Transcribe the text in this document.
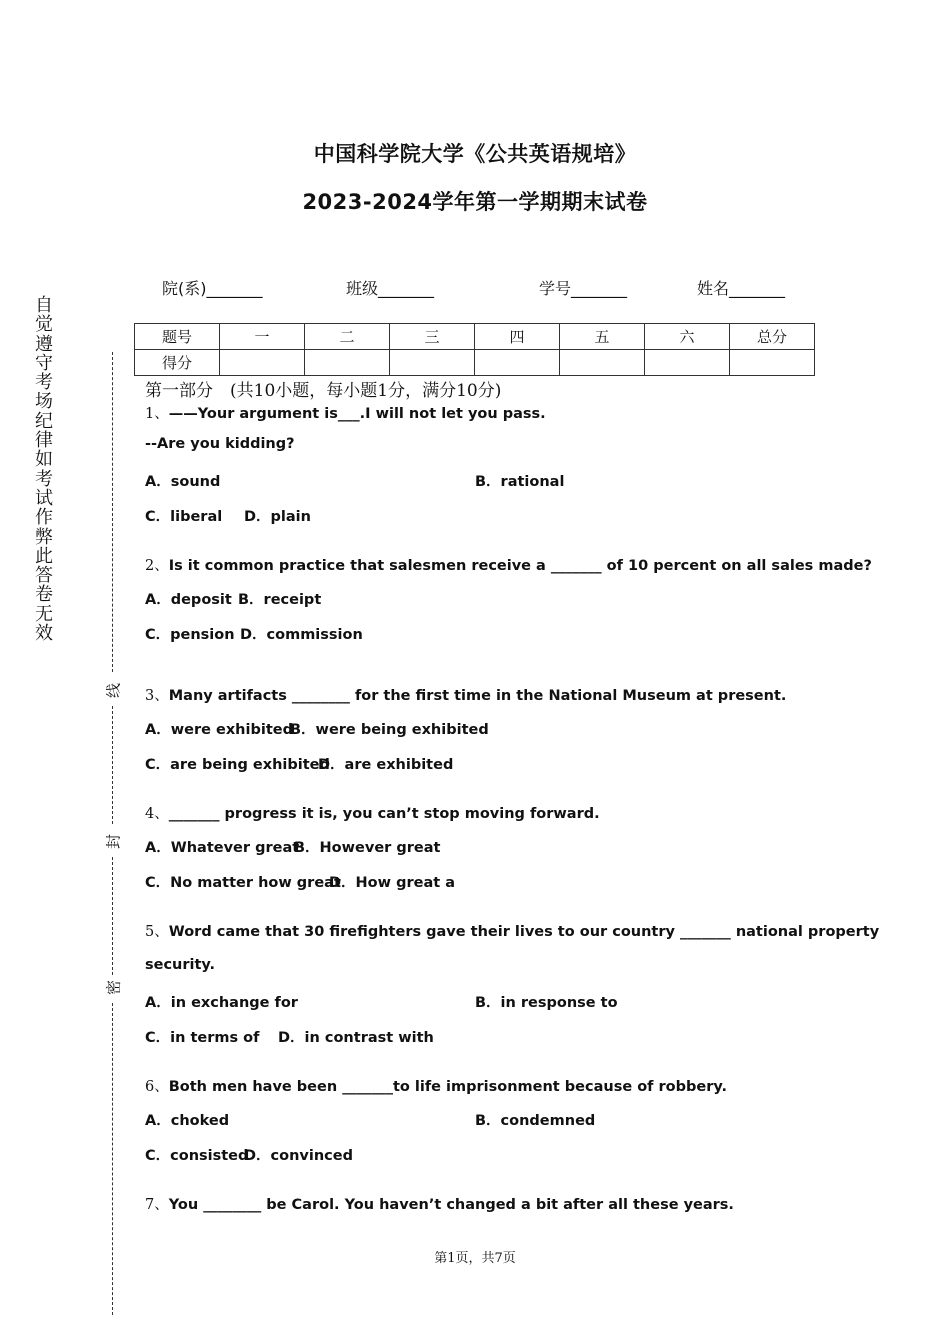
中国科学院大学《公共英语规培》
2023-2024学年第一学期期末试卷
院(系)_______	班级_______	学号_______	姓名_______
自觉遵守考场纪律如考试作弊此答卷无效
线
封
密
题号	一	二	三	四	五	六	总分
得分							
第一部分　(共10小题，每小题1分，满分10分)
1、——Your argument is___.I will not let you pass.
--Are you kidding?
A．sound	B．rational
C．liberal D．plain
2、Is it common practice that salesmen receive a _______ of 10 percent on all sales made?
A．deposit B．receipt
C．pension D．commission
3、Many artifacts ________ for the first time in the National Museum at present.
A．were exhibited
B．were being exhibited
C．are being exhibited
D．are exhibited
4、_______ progress it is, you can’t stop moving forward.
A．Whatever great
B．However great
C．No matter how great
D．How great a
5、Word came that 30 firefighters gave their lives to our country _______ national property
security.
A．in exchange for	B．in response to
C．in terms of D．in contrast with
6、Both men have been _______to life imprisonment because of robbery.
A．choked	B．condemned
C．consisted
D．convinced
7、You ________ be Carol. You haven’t changed a bit after all these years.
第1页，共7页
